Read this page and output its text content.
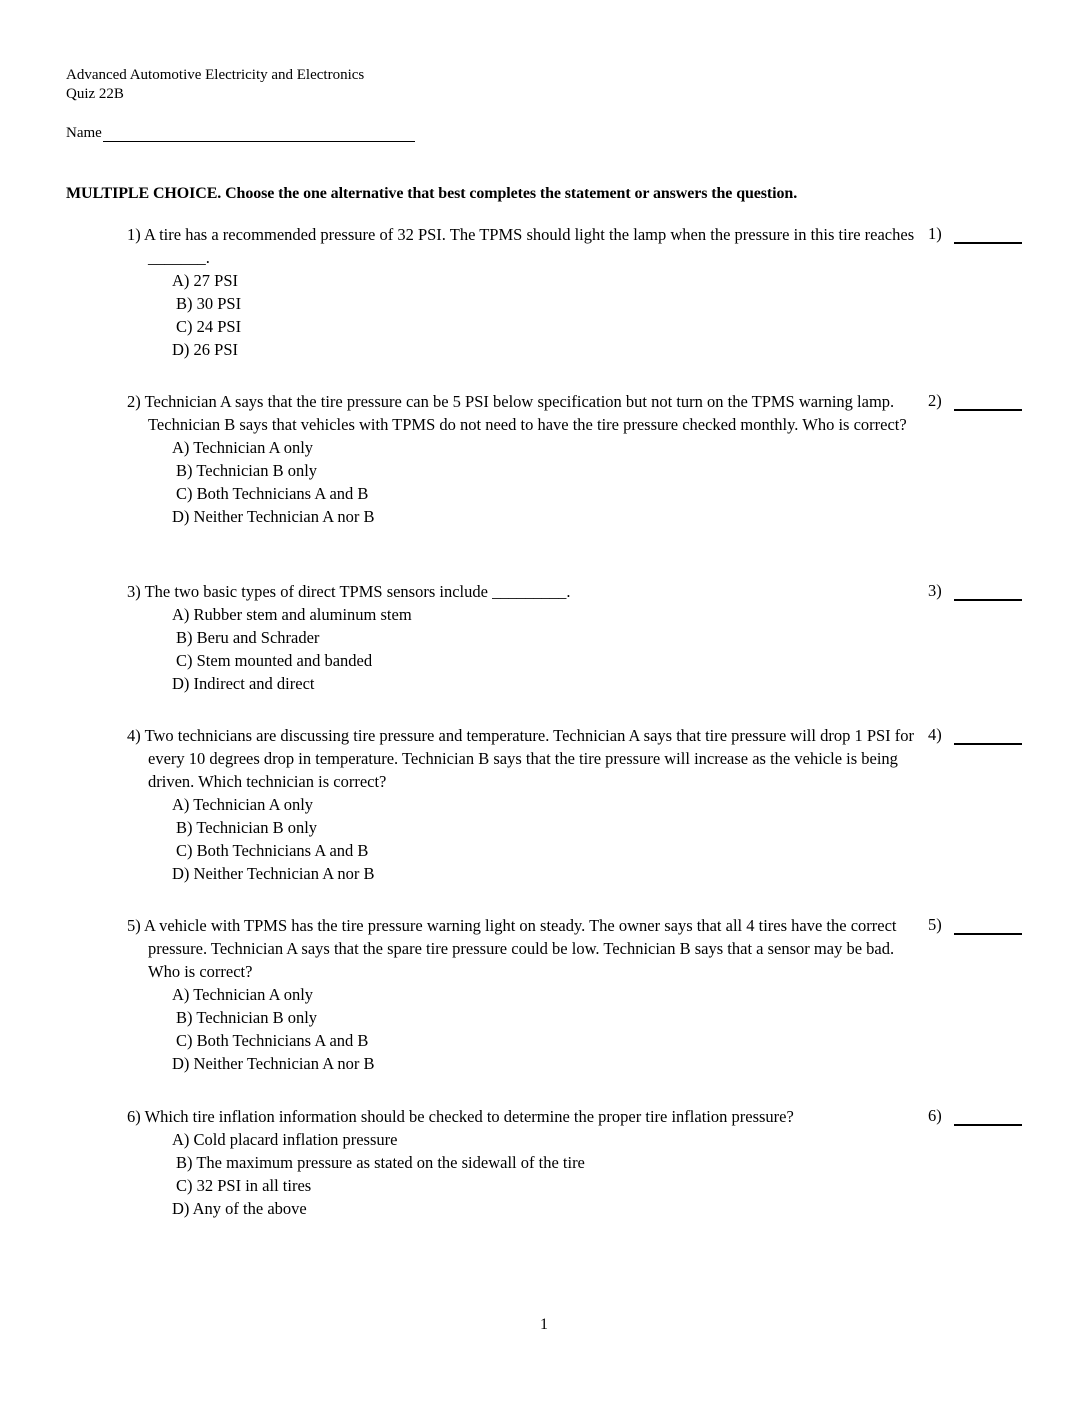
Advanced Automotive Electricity and Electronics
Quiz 22B
Name
MULTIPLE CHOICE. Choose the one alternative that best completes the statement or answers the question.
1) A tire has a recommended pressure of 32 PSI. The TPMS should light the lamp when the pressure in this tire reaches _______.
A) 27 PSI
B) 30 PSI
C) 24 PSI
D) 26 PSI
1)
2) Technician A says that the tire pressure can be 5 PSI below specification but not turn on the TPMS warning lamp. Technician B says that vehicles with TPMS do not need to have the tire pressure checked monthly. Who is correct?
A) Technician A only
B) Technician B only
C) Both Technicians A and B
D) Neither Technician A nor B
2)
3) The two basic types of direct TPMS sensors include _________.
A) Rubber stem and aluminum stem
B) Beru and Schrader
C) Stem mounted and banded
D) Indirect and direct
3)
4) Two technicians are discussing tire pressure and temperature. Technician A says that tire pressure will drop 1 PSI for every 10 degrees drop in temperature. Technician B says that the tire pressure will increase as the vehicle is being driven. Which technician is correct?
A) Technician A only
B) Technician B only
C) Both Technicians A and B
D) Neither Technician A nor B
4)
5) A vehicle with TPMS has the tire pressure warning light on steady. The owner says that all 4 tires have the correct pressure. Technician A says that the spare tire pressure could be low. Technician B says that a sensor may be bad. Who is correct?
A) Technician A only
B) Technician B only
C) Both Technicians A and B
D) Neither Technician A nor B
5)
6) Which tire inflation information should be checked to determine the proper tire inflation pressure?
A) Cold placard inflation pressure
B) The maximum pressure as stated on the sidewall of the tire
C) 32 PSI in all tires
D) Any of the above
6)
1
